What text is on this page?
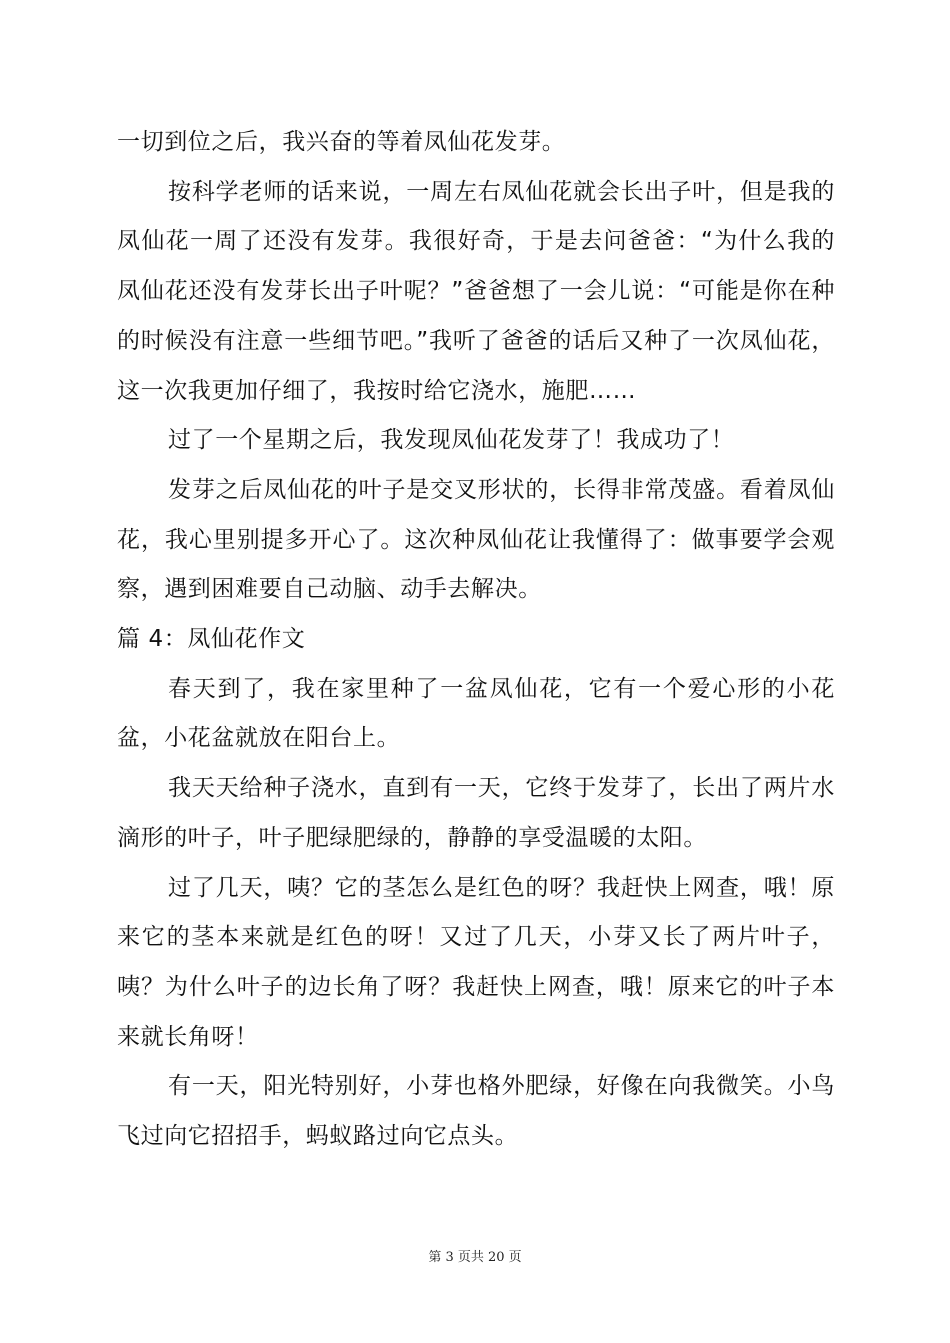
一切到位之后，我兴奋的等着凤仙花发芽。

按科学老师的话来说，一周左右凤仙花就会长出子叶，但是我的凤仙花一周了还没有发芽。我很好奇，于是去问爸爸：“为什么我的凤仙花还没有发芽长出子叶呢？”爸爸想了一会儿说：“可能是你在种的时候没有注意一些细节吧。”我听了爸爸的话后又种了一次凤仙花，这一次我更加仔细了，我按时给它浇水，施肥……

过了一个星期之后，我发现凤仙花发芽了！我成功了！

发芽之后凤仙花的叶子是交叉形状的，长得非常茂盛。看着凤仙花，我心里别提多开心了。这次种凤仙花让我懂得了：做事要学会观察，遇到困难要自己动脑、动手去解决。

篇 4：凤仙花作文

春天到了，我在家里种了一盆凤仙花，它有一个爱心形的小花盆，小花盆就放在阳台上。

我天天给种子浇水，直到有一天，它终于发芽了，长出了两片水滴形的叶子，叶子肥绿肥绿的，静静的享受温暖的太阳。

过了几天，咦？它的茎怎么是红色的呀？我赶快上网查，哦！原来它的茎本来就是红色的呀！又过了几天，小芽又长了两片叶子，咦？为什么叶子的边长角了呀？我赶快上网查，哦！原来它的叶子本来就长角呀！

有一天，阳光特别好，小芽也格外肥绿，好像在向我微笑。小鸟飞过向它招招手，蚂蚁路过向它点头。

第 3 页共 20 页
